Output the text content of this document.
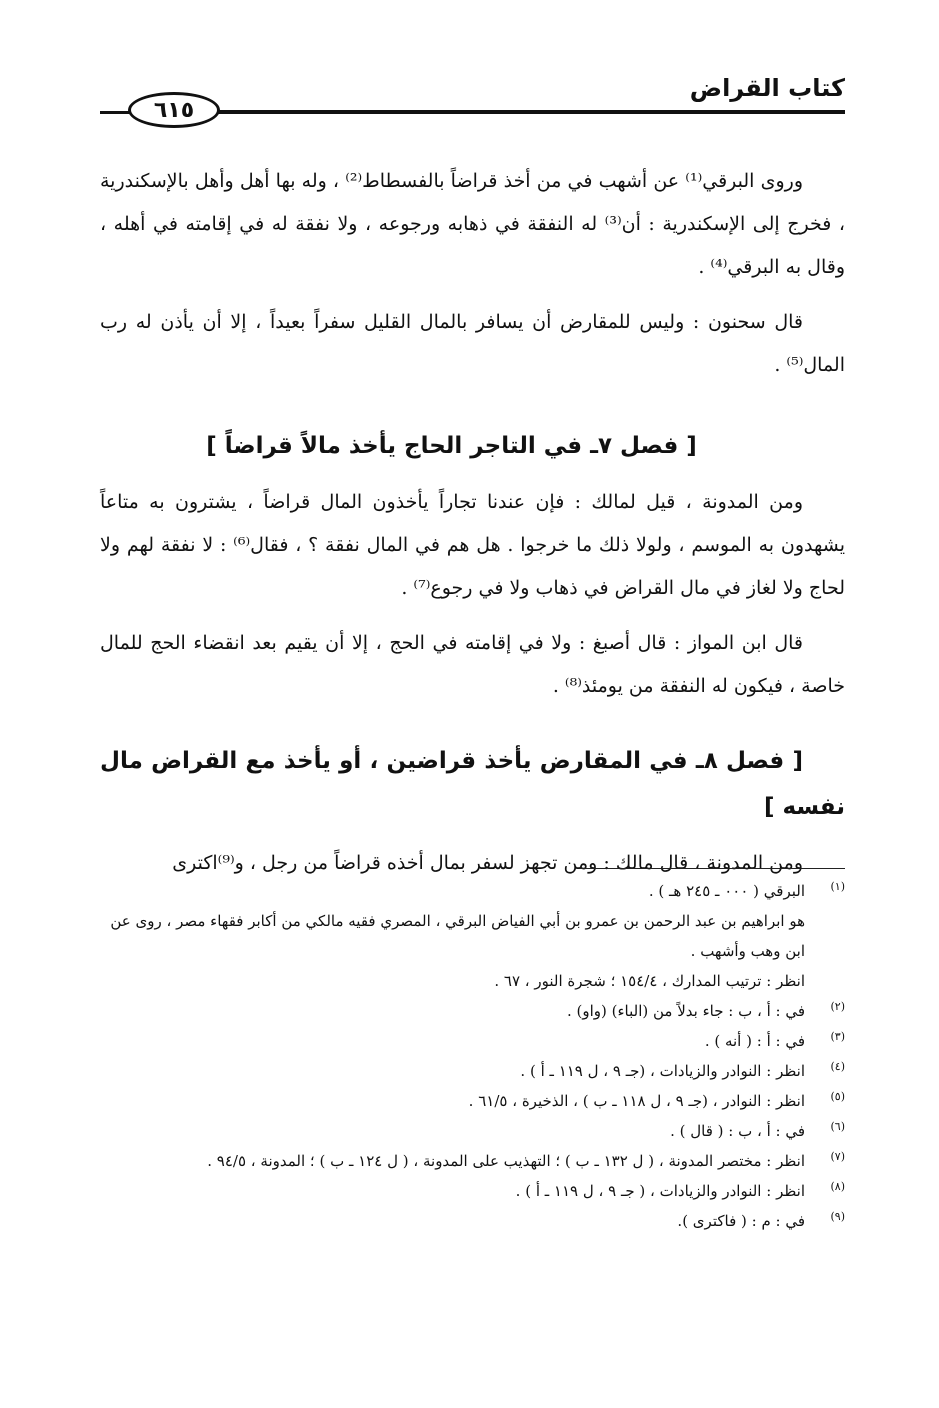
كتاب القراض
٦١٥

وروى البرقي⁽¹⁾ عن أشهب في من أخذ قراضاً بالفسطاط⁽²⁾ ، وله بها أهل وأهل بالإسكندرية ، فخرج إلى الإسكندرية : أن⁽³⁾ له النفقة في ذهابه ورجوعه ، ولا نفقة له في إقامته في أهله ، وقال به البرقي⁽⁴⁾ .

قال سحنون : وليس للمقارض أن يسافر بالمال القليل سفراً بعيداً ، إلا أن يأذن له رب المال⁽⁵⁾ .

[ فصل ٧ـ في التاجر الحاج يأخذ مالاً قراضاً ]

ومن المدونة ، قيل لمالك : فإن عندنا تجاراً يأخذون المال قراضاً ، يشترون به متاعاً يشهدون به الموسم ، ولولا ذلك ما خرجوا . هل هم في المال نفقة ؟ ، فقال⁽⁶⁾ : لا نفقة لهم ولا لحاج ولا لغاز في مال القراض في ذهاب ولا في رجوع⁽⁷⁾ .

قال ابن المواز : قال أصبغ : ولا في إقامته في الحج ، إلا أن يقيم بعد انقضاء الحج للمال خاصة ، فيكون له النفقة من يومئذ⁽⁸⁾ .

[ فصل ٨ـ في المقارض يأخذ قراضين ، أو يأخذ مع القراض مال نفسه ]

ومن المدونة ، قال مالك : ومن تجهز لسفر بمال أخذه قراضاً من رجل ، و⁽⁹⁾اكترى

(١)
البرقي ( ٠٠٠ ـ ٢٤٥ هـ ) .
هو ابراهيم بن عبد الرحمن بن عمرو بن أبي الفياض البرقي ، المصري فقيه مالكي من أكابر فقهاء مصر ، روى عن ابن وهب وأشهب .
انظر : ترتيب المدارك ، ١٥٤/٤ ؛ شجرة النور ، ٦٧ .
(٢)
في : أ ، ب : جاء بدلاً من (الباء) (واو) .
(٣)
في : أ : ( أنه ) .
(٤)
انظر : النوادر والزيادات ، (جـ ٩ ، ل ١١٩ ـ أ ) .
(٥)
انظر : النوادر ، (جـ ٩ ، ل ١١٨ ـ ب ) ، الذخيرة ، ٦١/٥ .
(٦)
في : أ ، ب : ( قال ) .
(٧)
انظر : مختصر المدونة ، ( ل ١٣٢ ـ ب ) ؛ التهذيب على المدونة ، ( ل ١٢٤ ـ ب ) ؛ المدونة ، ٩٤/٥ .
(٨)
انظر : النوادر والزيادات ، ( جـ ٩ ، ل ١١٩ ـ أ ) .
(٩)
في : م : ( فاكترى ).
